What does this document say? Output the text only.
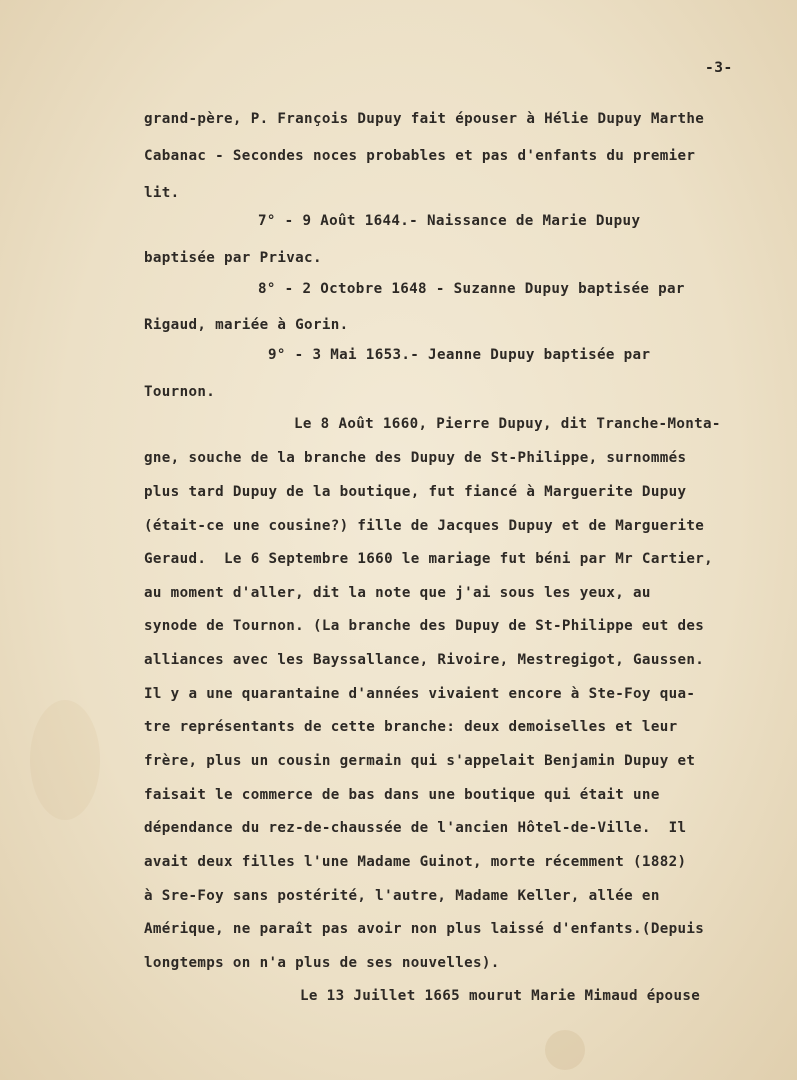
-3-
grand-père, P. François Dupuy fait épouser à Hélie Dupuy Marthe
Cabanac - Secondes noces probables et pas d'enfants du premier
lit.
7° - 9 Août 1644.- Naissance de Marie Dupuy
baptisée par Privac.
8° - 2 Octobre 1648 - Suzanne Dupuy baptisée par
Rigaud, mariée à Gorin.
9° - 3 Mai 1653.- Jeanne Dupuy baptisée par
Tournon.
Le 8 Août 1660, Pierre Dupuy, dit Tranche-Monta-
gne, souche de la branche des Dupuy de St-Philippe, surnommés
plus tard Dupuy de la boutique, fut fiancé à Marguerite Dupuy
(était-ce une cousine?) fille de Jacques Dupuy et de Marguerite
Geraud.  Le 6 Septembre 1660 le mariage fut béni par Mr Cartier,
au moment d'aller, dit la note que j'ai sous les yeux, au
synode de Tournon. (La branche des Dupuy de St-Philippe eut des
alliances avec les Bayssallance, Rivoire, Mestregigot, Gaussen.
Il y a une quarantaine d'années vivaient encore à Ste-Foy qua-
tre représentants de cette branche: deux demoiselles et leur
frère, plus un cousin germain qui s'appelait Benjamin Dupuy et
faisait le commerce de bas dans une boutique qui était une
dépendance du rez-de-chaussée de l'ancien Hôtel-de-Ville.  Il
avait deux filles l'une Madame Guinot, morte récemment (1882)
à Sre-Foy sans postérité, l'autre, Madame Keller, allée en
Amérique, ne paraît pas avoir non plus laissé d'enfants.(Depuis
longtemps on n'a plus de ses nouvelles).
Le 13 Juillet 1665 mourut Marie Mimaud épouse
